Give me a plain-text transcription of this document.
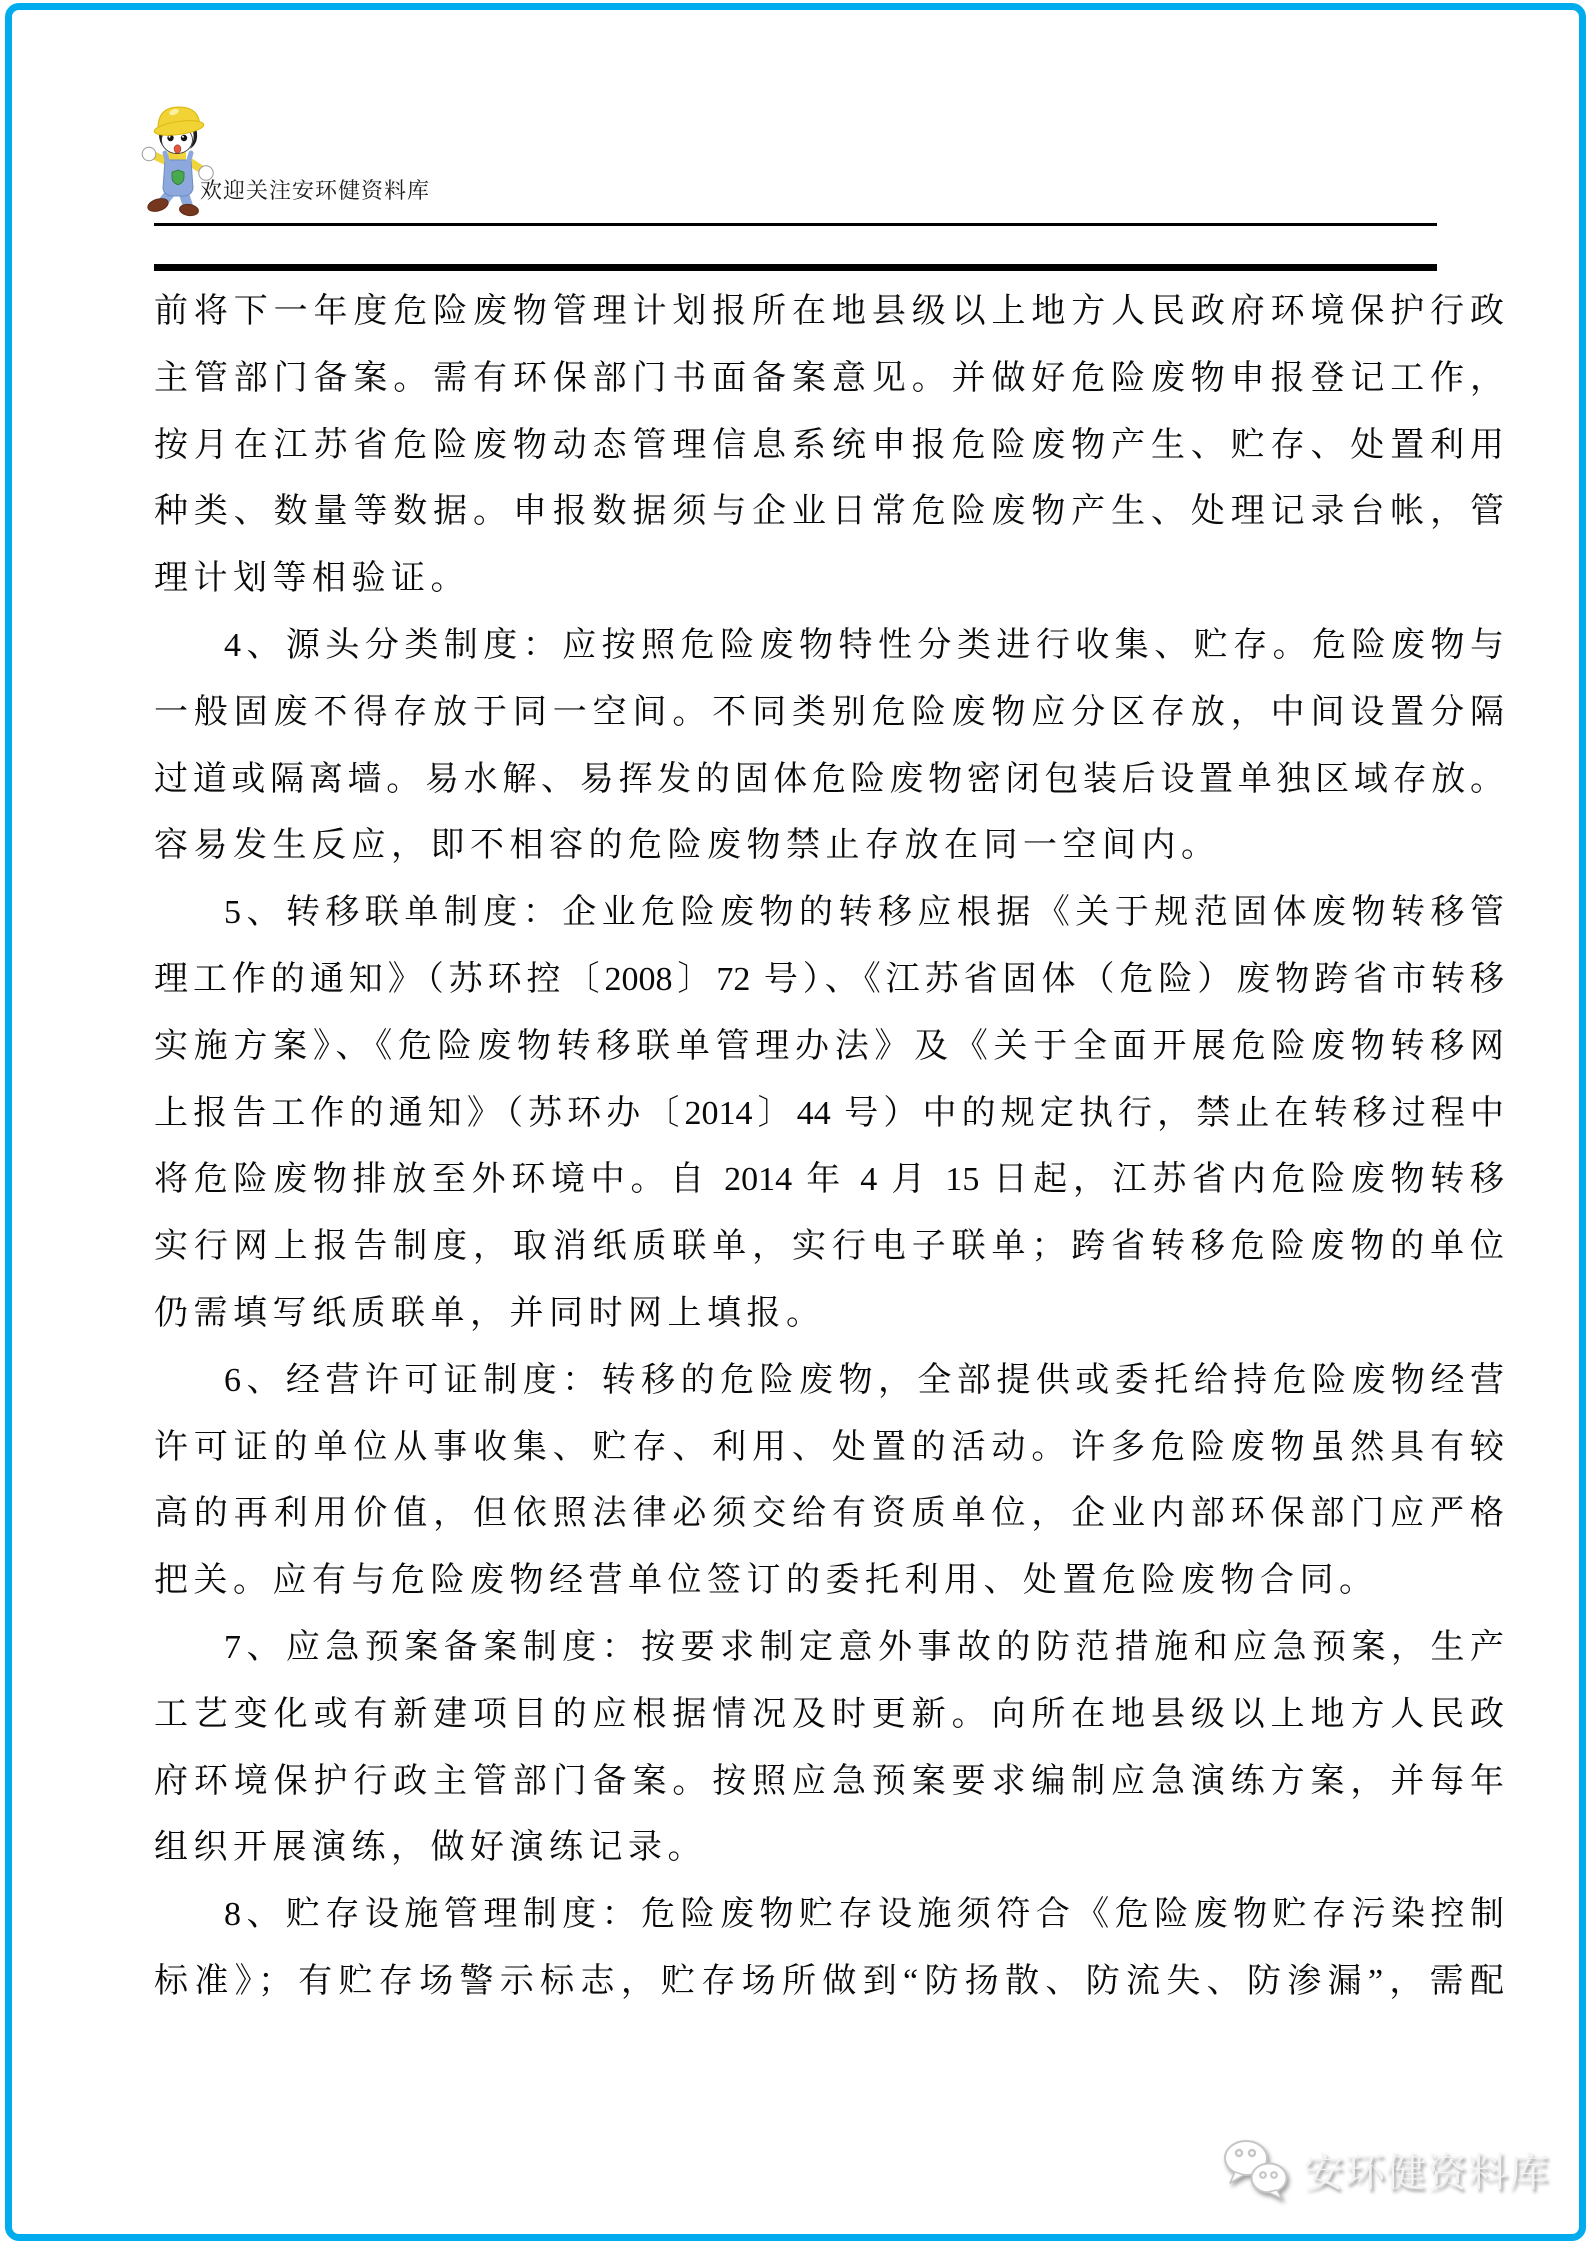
欢迎关注安环健资料库
前将下一年度危险废物管理计划报所在地县级以上地方人民政府环境保护行政
主管部门备案。需有环保部门书面备案意见。并做好危险废物申报登记工作，
按月在江苏省危险废物动态管理信息系统申报危险废物产生、贮存、处置利用
种类、数量等数据。申报数据须与企业日常危险废物产生、处理记录台帐，管
理计划等相验证。
4、源头分类制度：应按照危险废物特性分类进行收集、贮存。危险废物与
一般固废不得存放于同一空间。不同类别危险废物应分区存放，中间设置分隔
过道或隔离墙。易水解、易挥发的固体危险废物密闭包装后设置单独区域存放。
容易发生反应，即不相容的危险废物禁止存放在同一空间内。
5、转移联单制度：企业危险废物的转移应根据《关于规范固体废物转移管
理工作的通知》（苏环控〔2008〕72 号）、《江苏省固体（危险）废物跨省市转移
实施方案》、《危险废物转移联单管理办法》及《关于全面开展危险废物转移网
上报告工作的通知》（苏环办〔2014〕44 号）中的规定执行，禁止在转移过程中
将危险废物排放至外环境中。自 2014 年 4 月 15 日起，江苏省内危险废物转移
实行网上报告制度，取消纸质联单，实行电子联单；跨省转移危险废物的单位
仍需填写纸质联单，并同时网上填报。
6、经营许可证制度：转移的危险废物，全部提供或委托给持危险废物经营
许可证的单位从事收集、贮存、利用、处置的活动。许多危险废物虽然具有较
高的再利用价值，但依照法律必须交给有资质单位，企业内部环保部门应严格
把关。应有与危险废物经营单位签订的委托利用、处置危险废物合同。
7、应急预案备案制度：按要求制定意外事故的防范措施和应急预案，生产
工艺变化或有新建项目的应根据情况及时更新。向所在地县级以上地方人民政
府环境保护行政主管部门备案。按照应急预案要求编制应急演练方案，并每年
组织开展演练，做好演练记录。
8、贮存设施管理制度：危险废物贮存设施须符合《危险废物贮存污染控制
标准》；有贮存场警示标志，贮存场所做到“防扬散、防流失、防渗漏”，需配
安环健资料库
